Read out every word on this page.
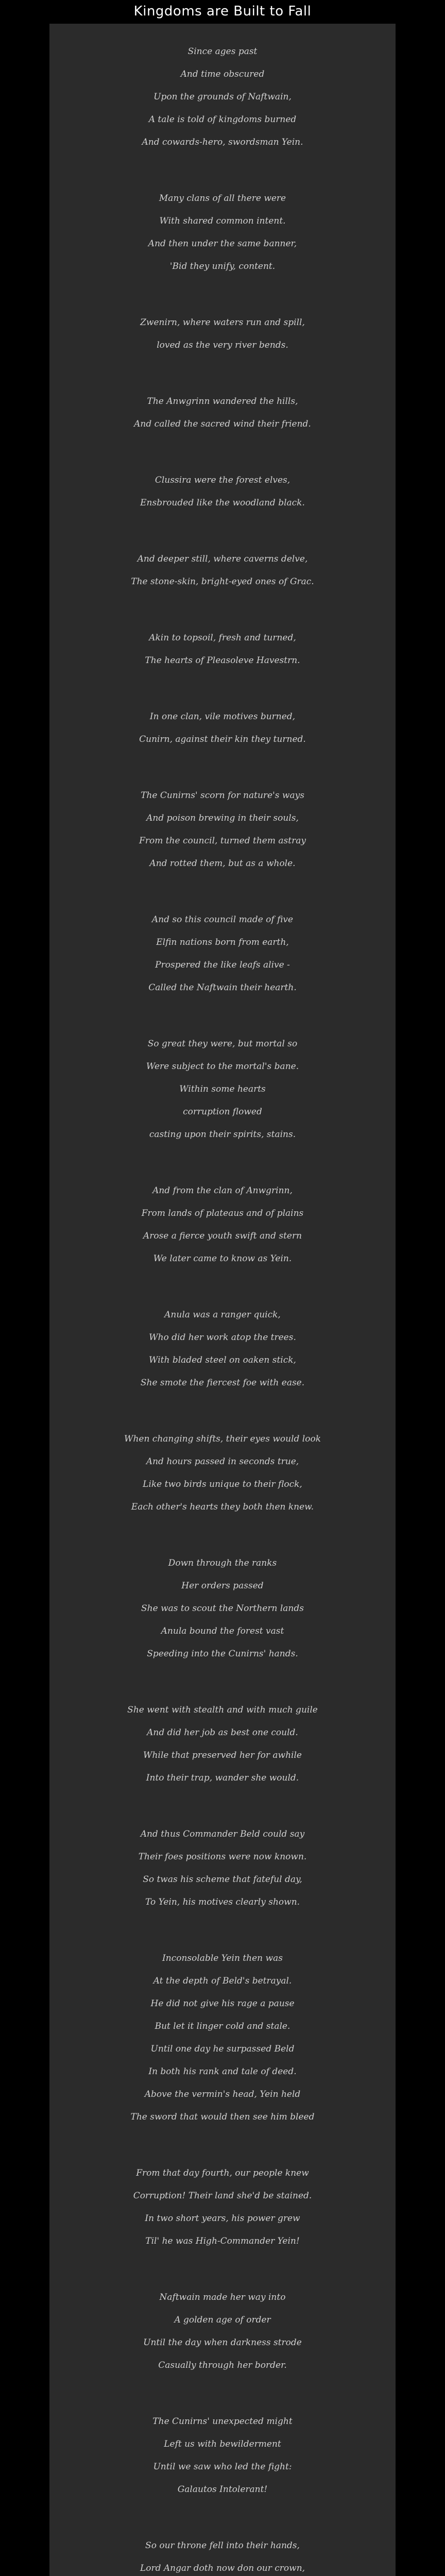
Kingdoms are Built to Fall
Since ages past
And time obscured
Upon the grounds of Naftwain,
A tale is told of kingdoms burned
And cowards-hero, swordsman Yein.
Many clans of all there were
With shared common intent.
And then under the same banner,
'Bid they unify, content.
Zwenirn, where waters run and spill,
loved as the very river bends.
The Anwgrinn wandered the hills,
And called the sacred wind their friend.
Clussira were the forest elves,
Ensbrouded like the woodland black.
And deeper still, where caverns delve,
The stone-skin, bright-eyed ones of Grac.
Akin to topsoil, fresh and turned,
The hearts of Pleasoleve Havestrn.
In one clan, vile motives burned,
Cunirn, against their kin they turned.
The Cunirns' scorn for nature's ways
And poison brewing in their souls,
From the council, turned them astray
And rotted them, but as a whole.
And so this council made of five
Elfin nations born from earth,
Prospered the like leafs alive -
Called the Naftwain their hearth.
So great they were, but mortal so
Were subject to the mortal's bane.
Within some hearts
corruption flowed
casting upon their spirits, stains.
And from the clan of Anwgrinn,
From lands of plateaus and of plains
Arose a fierce youth swift and stern
We later came to know as Yein.
Anula was a ranger quick,
Who did her work atop the trees.
With bladed steel on oaken stick,
She smote the fiercest foe with ease.
When changing shifts, their eyes would look
And hours passed in seconds true,
Like two birds unique to their flock,
Each other's hearts they both then knew.
Down through the ranks
Her orders passed
She was to scout the Northern lands
Anula bound the forest vast
Speeding into the Cunirns' hands.
She went with stealth and with much guile
And did her job as best one could.
While that preserved her for awhile
Into their trap, wander she would.
And thus Commander Beld could say
Their foes positions were now known.
So twas his scheme that fateful day,
To Yein, his motives clearly shown.
Inconsolable Yein then was
At the depth of Beld's betrayal.
He did not give his rage a pause
But let it linger cold and stale.
Until one day he surpassed Beld
In both his rank and tale of deed.
Above the vermin's head, Yein held
The sword that would then see him bleed
From that day fourth, our people knew
Corruption! Their land she'd be stained.
In two short years, his power grew
Til' he was High-Commander Yein!
Naftwain made her way into
A golden age of order
Until the day when darkness strode
Casually through her border.
The Cunirns' unexpected might
Left us with bewilderment
Until we saw who led the fight:
Galautos Intolerant!
So our throne fell into their hands,
Lord Angar doth now don our crown,
